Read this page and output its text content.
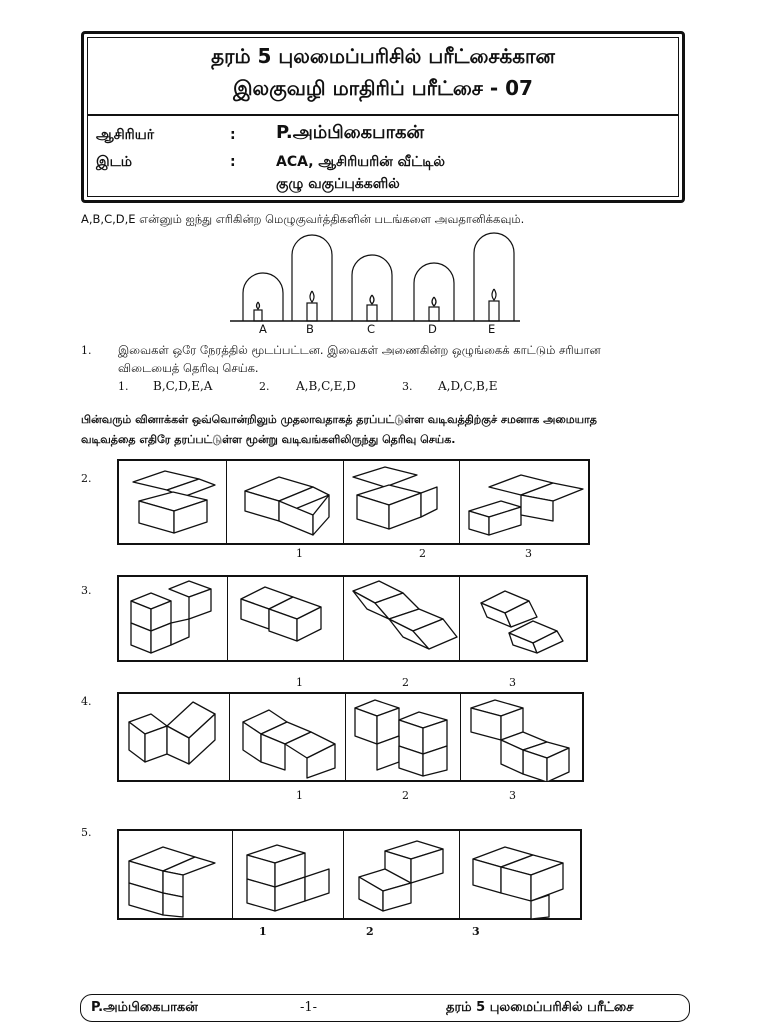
தரம் 5 புலமைப்பரிசில் பரீட்சைக்கான
இலகுவழி மாதிரிப் பரீட்சை - 07
ஆசிரியர்	: P.அம்பிகைபாகன்
இடம்	:	ACA, ஆசிரியரின் வீட்டில்
குழு வகுப்புக்களில்
A,B,C,D,E என்னும் ஐந்து எரிகின்ற மெழுகுவர்த்திகளின் படங்களை அவதானிக்கவும்.
A	B	C	D	E
1. இவைகள் ஒரே நேரத்தில் மூடப்பட்டன. இவைகள் அணைகின்ற ஒழுங்கைக் காட்டும் சரியான
விடையைத் தெரிவு செய்க.
1. B,C,D,E,A	2. A,B,C,E,D	3. A,D,C,B,E
பின்வரும் வினாக்கள் ஒவ்வொன்றிலும் முதலாவதாகத் தரப்பட்டுள்ள வடிவத்திற்குச் சமனாக அமையாத
வடிவத்தை எதிரே தரப்பட்டுள்ள மூன்று வடிவங்களிலிருந்து தெரிவு செய்க.
2.
1	2	3
3.
1	2	3
4.
1	2	3
5.
1	2	3
P.அம்பிகைபாகன்	-1-	தரம் 5 புலமைப்பரிசில் பரீட்சை
